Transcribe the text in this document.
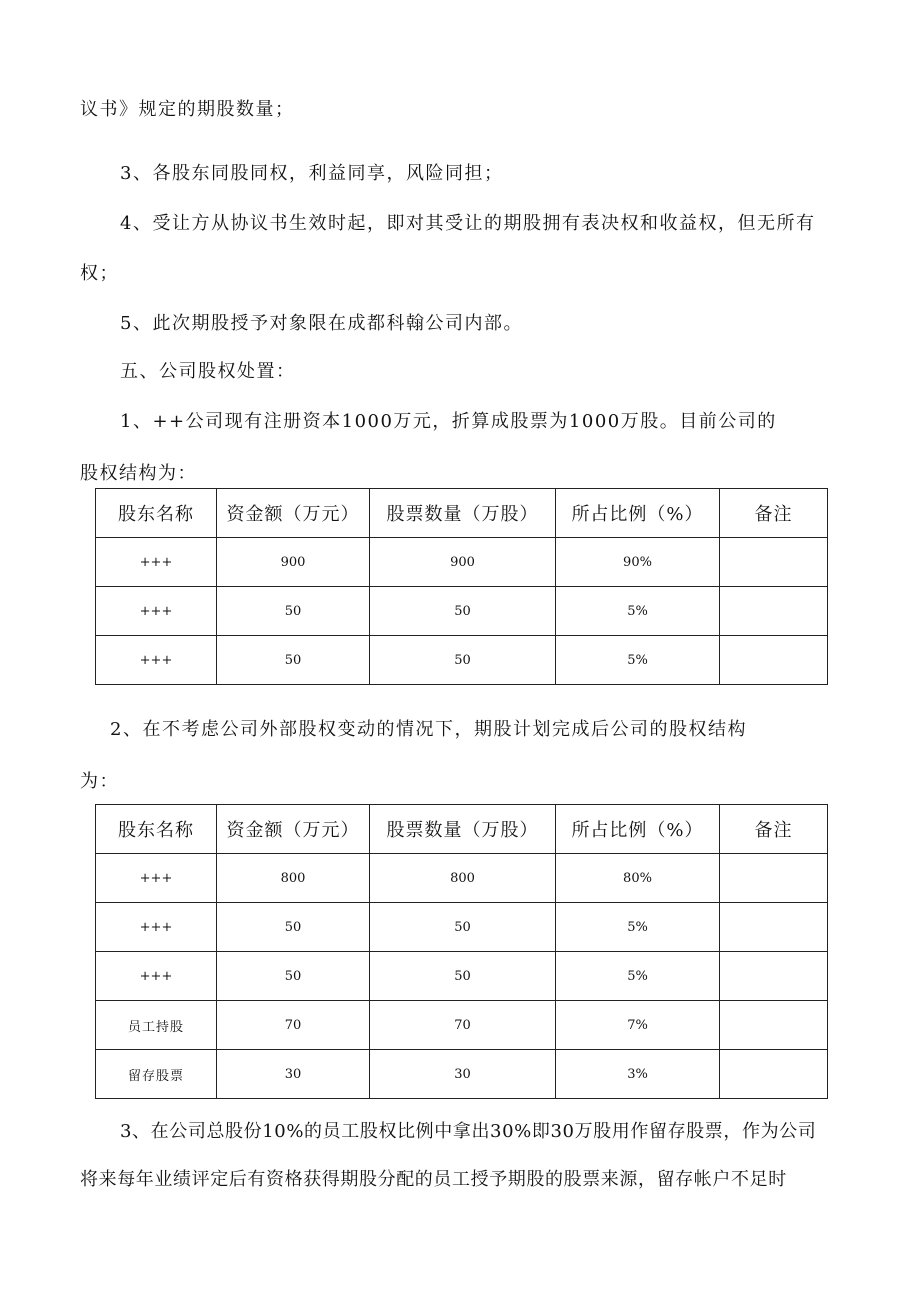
议书》规定的期股数量；
3、各股东同股同权，利益同享，风险同担；
4、受让方从协议书生效时起，即对其受让的期股拥有表决权和收益权，但无所有
权；
5、此次期股授予对象限在成都科翰公司内部。
五、公司股权处置：
1、++公司现有注册资本1000万元，折算成股票为1000万股。目前公司的
股权结构为：
股东名称	资金额（万元）	股票数量（万股）	所占比例（%）	备注
+++	900	900	90%	
+++	50	50	5%	
+++	50	50	5%	
2、在不考虑公司外部股权变动的情况下，期股计划完成后公司的股权结构
为：
股东名称	资金额（万元）	股票数量（万股）	所占比例（%）	备注
+++	800	800	80%	
+++	50	50	5%	
+++	50	50	5%	
员工持股	70	70	7%	
留存股票	30	30	3%	
3、在公司总股份10%的员工股权比例中拿出30%即30万股用作留存股票，作为公司
将来每年业绩评定后有资格获得期股分配的员工授予期股的股票来源，留存帐户不足时
